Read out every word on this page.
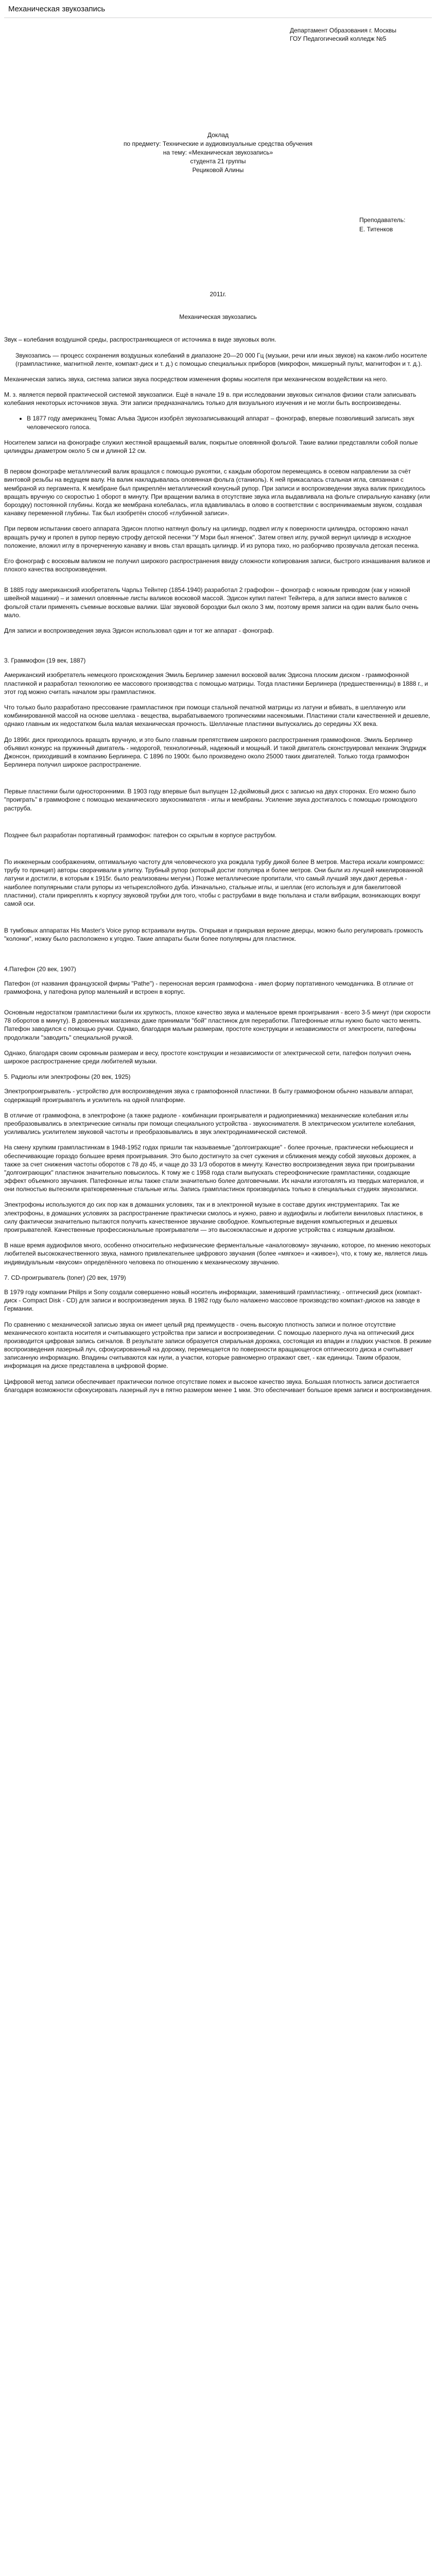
Механическая звукозапись
Департамент Образования г. Москвы
ГОУ Педагогический колледж №5
Доклад
по предмету: Технические и аудиовизуальные средства обучения
на тему: «Механическая звукозапись»
студента 21 группы
Рециковой Алины
Преподаватель:
Е. Титенков
2011г.
Механическая звукозапись

Звук – колебания воздушной среды, распространяющиеся от источника в виде звуковых волн.

Звукозапись — процесс сохранения воздушных колебаний в диапазоне 20—20 000 Гц (музыки, речи или иных звуков) на каком-либо носителе (грампластинке, магнитной ленте, компакт-диск и т. д.) с помощью специальных приборов (микрофон, микшерный пульт, магнитофон и т. д.).

Механическая запись звука, система записи звука посредством изменения формы носителя при механическом воздействии на него.

М. з. является первой практической системой звукозаписи. Ещё в начале 19 в. при исследовании звуковых сигналов физики стали записывать колебания некоторых источников звука. Эти записи предназначались только для визуального изучения и не могли быть воспроизведены.

• В 1877 году американец Томас Альва Эдисон изобрёл звукозаписывающий аппарат – фонограф, впервые позволивший записать звук человеческого голоса.

Носителем записи на фонографе служил жестяной вращаемый валик, покрытые оловянной фольгой. Такие валики представляли собой полые цилиндры диаметром около 5 см и длиной 12 см.

В первом фонографе металлический валик вращался с помощью рукоятки, с каждым оборотом перемещаясь в осевом направлении за счёт винтовой резьбы на ведущем валу. На валик накладывалась оловянная фольга (станиоль). К ней прикасалась стальная игла, связанная с мембраной из пергамента. К мембране был прикреплён металлический конусный рупор. При записи и воспроизведении звука валик приходилось вращать вручную со скоростью 1 оборот в минуту. При вращении валика в отсутствие звука игла выдавливала на фольге спиральную канавку (или бороздку) постоянной глубины. Когда же мембрана колебалась, игла вдавливалась в олово в соответствии с воспринимаемым звуком, создавая канавку переменной глубины. Так был изобретён способ «глубинной записи».

При первом испытании своего аппарата Эдисон плотно натянул фольгу на цилиндр, подвел иглу к поверхности цилиндра, осторожно начал вращать ручку и пропел в рупор первую строфу детской песенки "У Мэри был ягненок". Затем отвел иглу, ручкой вернул цилиндр в исходное положение, вложил иглу в прочерченную канавку и вновь стал вращать цилиндр. И из рупора тихо, но разборчиво прозвучала детская песенка.

Его фонограф с восковым валиком не получил широкого распространения ввиду сложности копирования записи, быстрого изнашивания валиков и плохого качества воспроизведения.

В 1885 году американский изобретатель Чарльз Тейнтер (1854-1940) разработал 2 графофон – фонограф с ножным приводом (как у ножной швейной машинки) – и заменил оловянные листы валиков восковой массой. Эдисон купил патент Тейнтера, а для записи вместо валиков с фольгой стали применять съемные восковые валики. Шаг звуковой бороздки был около 3 мм, поэтому время записи на один валик было очень мало.

Для записи и воспроизведения звука Эдисон использовал один и тот же аппарат - фонограф.

3. Граммофон (19 век, 1887)

Американский изобретатель немецкого происхождения Эмиль Берлинер заменил восковой валик Эдисона плоским диском - граммофонной пластинкой и разработал технологию ее массового производства с помощью матрицы. Тогда пластинки Берлинера (предшественницы) в 1888 г., и этот год можно считать началом эры грампластинок.

Что только было разработано прессование грампластинок при помощи стальной печатной матрицы из латуни и вбивать, в шеллачную или комбинированной массой на основе шеллака - вещества, вырабатываемого тропическими насекомыми. Пластинки стали качественней и дешевле, однако главным их недостатком была малая механическая прочность. Шеллачные пластинки выпускались до середины XX века.

До 1896г. диск приходилось вращать вручную, и это было главным препятствием широкого распространения граммофонов. Эмиль Берлинер объявил конкурс на пружинный двигатель - недорогой, технологичный, надежный и мощный. И такой двигатель сконструировал механик Элдридж Джонсон, приходивший в компанию Берлинера. С 1896 по 1900г. было произведено около 25000 таких двигателей. Только тогда граммофон Берлинера получил широкое распространение.

Первые пластинки были односторонними. В 1903 году впервые был выпущен 12-дюймовый диск с записью на двух сторонах. Его можно было "проиграть" в граммофоне с помощью механического звукоснимателя - иглы и мембраны. Усиление звука достигалось с помощью громоздкого раструба.

Позднее был разработан портативный граммофон: патефон со скрытым в корпусе раструбом.

По инженерным соображениям, оптимальную частоту для человеческого уха рождала турбу дикой более В метров. Мастера искали компромисс: трубу то принцип) авторы сворачивали в улитку. Трубный рупор (который достиг популяра и более метров. Они были из лучшей никелированной латуни и достигли, в которым к 1915г. было реализованы мегуни.) Позже металлические пропитали, что самый лучший звук дают деревья - наиболее популярными стали рупоры из четырехслойного дуба. Изначально, стальные иглы, и шеллак (его используя и для бакелитовой пластинки), стали прикреплять к корпусу звуковой трубки для того, чтобы с раструбами в виде тюльпана и стали вибрации, возникающих вокруг самой оси.

В тумбовых аппаратах His Master's Voice рупор встраивали внутрь. Открывая и прикрывая верхние дверцы, можно было регулировать громкость "колонки", ножку было расположено к угодно. Такие аппараты были более популярны для пластинок.

4.Патефон (20 век, 1907)

Патефон (от названия французской фирмы "Pathe") - переносная версия граммофона - имел форму портативного чемоданчика. В отличие от граммофона, у патефона рупор маленький и встроен в корпус.

Основным недостатком грампластинки были их хрупкость, плохое качество звука и маленькое время проигрывания - всего 3-5 минут (при скорости 78 оборотов в минуту). В довоенных магазинах даже принимали "бой" пластинок для переработки. Патефонные иглы нужно было часто менять. Патефон заводился с помощью ручки. Однако, благодаря малым размерам, простоте конструкции и независимости от электросети, патефоны продолжали "заводить" специальной ручкой.

Однако, благодаря своим скромным размерам и весу, простоте конструкции и независимости от электрической сети, патефон получил очень широкое распространение среди любителей музыки.

5. Радиолы или электрофоны (20 век, 1925)

Электропроигрыватель - устройство для воспроизведения звука с грампофонной пластинки. В быту граммофоном обычно называли аппарат, содержащий проигрыватель и усилитель на одной платформе.

В отличие от граммофона, в электрофоне (а также радиоле - комбинации проигрывателя и радиоприемника) механические колебания иглы преобразовывались в электрические сигналы при помощи специального устройства - звукоснимателя. В электрическом усилителе колебания, усиливались усилителем звуковой частоты и преобразовывались в звук электродинамической системой.

На смену хрупким грампластинкам в 1948-1952 годах пришли так называемые "долгоиграющие" - более прочные, практически небьющиеся и обеспечивающие гораздо большее время проигрывания. Это было достигнуто за счет сужения и сближения между собой звуковых дорожек, а также за счет снижения частоты оборотов с 78 до 45, и чаще до 33 1/3 оборотов в минуту. Качество воспроизведения звука при проигрывании "долгоиграющих" пластинок значительно повысилось. К тому же с 1958 года стали выпускать стереофонические грампластинки, создающие эффект объемного звучания. Патефонные иглы также стали значительно более долговечными. Их начали изготовлять из твердых материалов, и они полностью вытеснили кратковременные стальные иглы. Запись грампластинок производилась только в специальных студиях звукозаписи.

Электрофоны используются до сих пор как в домашних условиях, так и в электронной музыке в составе других инструментариях. Так же электрофоны, в домашних условиях за распространение практически смолось и нужно, равно и аудиофилы и любители виниловых пластинок, в силу фактически значительно пытаются получить качественное звучание свободное. Компьютерные видения компьютерных и дешевых проигрывателей. Качественные профессиональные проигрыватели — это высококлассные и дорогие устройства с изящным дизайном.

В наше время аудиофилов много, особенно относительно нефизические ферментальные «аналоговому» звучанию, которое, по мнению некоторых любителей высококачественного звука, намного привлекательнее цифрового звучания (более «мягкое» и «живое»), что, к тому же, является лишь индивидуальным «вкусом» определённого человека по отношению к механическому звучанию.

7. CD-проигрыватель (toner) (20 век, 1979)

В 1979 году компании Philips и Sony создали совершенно новый носитель информации, заменивший грампластинку, - оптический диск (компакт-диск - Compact Disk - CD) для записи и воспроизведения звука. В 1982 году было налажено массовое производство компакт-дисков на заводе в Германии.

По сравнению с механической записью звука он имеет целый ряд преимуществ - очень высокую плотность записи и полное отсутствие механического контакта носителя и считывающего устройства при записи и воспроизведении. С помощью лазерного луча на оптический диск производится цифровая запись сигналов. В результате записи образуется спиральная дорожка, состоящая из впадин и гладких участков. В режиме воспроизведения лазерный луч, сфокусированный на дорожку, перемещается по поверхности вращающегося оптического диска и считывает записанную информацию. Впадины считываются как нули, а участки, которые равномерно отражают свет, - как единицы. Таким образом, информация на диске представлена в цифровой форме.

Цифровой метод записи обеспечивает практически полное отсутствие помех и высокое качество звука. Большая плотность записи достигается благодаря возможности сфокусировать лазерный луч в пятно размером менее 1 мкм. Это обеспечивает большое время записи и воспроизведения.
